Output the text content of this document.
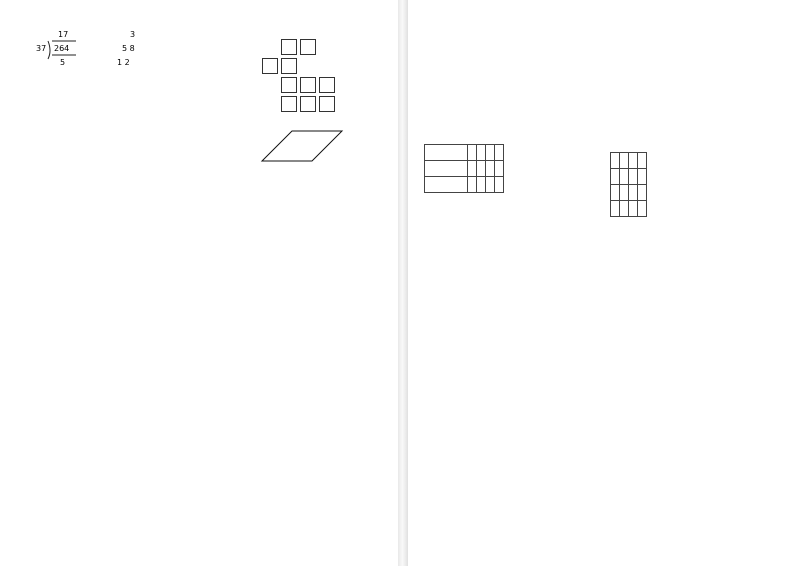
17	3
37 264	5 8
1 2
5
